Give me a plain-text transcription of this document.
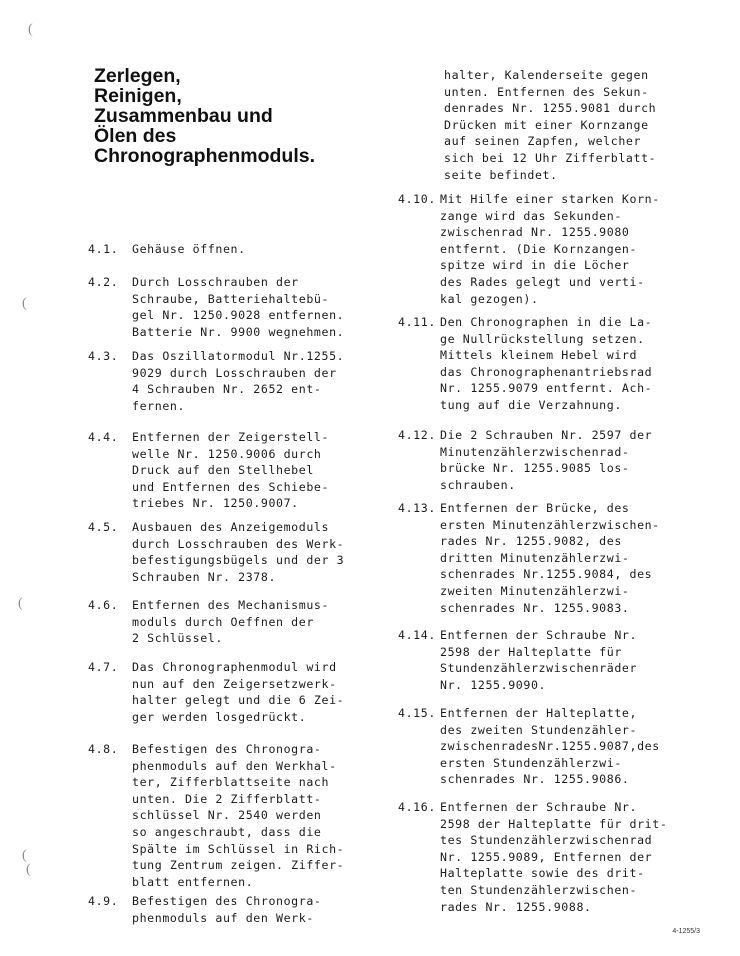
(
(
(
(
(
Zerlegen,
Reinigen,
Zusammenbau und
Ölen des
Chronographenmoduls.
4.1. Gehäuse öffnen.
4.2. Durch Losschrauben der
Schraube, Batteriehaltebü-
gel Nr. 1250.9028 entfernen.
Batterie Nr. 9900 wegnehmen.
4.3. Das Oszillatormodul Nr.1255.
9029 durch Losschrauben der
4 Schrauben Nr. 2652 ent-
fernen.
4.4. Entfernen der Zeigerstell-
welle Nr. 1250.9006 durch
Druck auf den Stellhebel
und Entfernen des Schiebe-
triebes Nr. 1250.9007.
4.5. Ausbauen des Anzeigemoduls
durch Losschrauben des Werk-
befestigungsbügels und der 3
Schrauben Nr. 2378.
4.6. Entfernen des Mechanismus-
moduls durch Oeffnen der
2 Schlüssel.
4.7. Das Chronographenmodul wird
nun auf den Zeigersetzwerk-
halter gelegt und die 6 Zei-
ger werden losgedrückt.
4.8. Befestigen des Chronogra-
phenmoduls auf den Werkhal-
ter, Zifferblattseite nach
unten. Die 2 Zifferblatt-
schlüssel Nr. 2540 werden
so angeschraubt, dass die
Spälte im Schlüssel in Rich-
tung Zentrum zeigen. Ziffer-
blatt entfernen.
4.9. Befestigen des Chronogra-
phenmoduls auf den Werk-
halter, Kalenderseite gegen
unten. Entfernen des Sekun-
denrades Nr. 1255.9081 durch
Drücken mit einer Kornzange
auf seinen Zapfen, welcher
sich bei 12 Uhr Zifferblatt-
seite befindet.
4.10. Mit Hilfe einer starken Korn-
zange wird das Sekunden-
zwischenrad Nr. 1255.9080
entfernt. (Die Kornzangen-
spitze wird in die Löcher
des Rades gelegt und verti-
kal gezogen).
4.11. Den Chronographen in die La-
ge Nullrückstellung setzen.
Mittels kleinem Hebel wird
das Chronographenantriebsrad
Nr. 1255.9079 entfernt. Ach-
tung auf die Verzahnung.
4.12. Die 2 Schrauben Nr. 2597 der
Minutenzählerzwischenrad-
brücke Nr. 1255.9085 los-
schrauben.
4.13. Entfernen der Brücke, des
ersten Minutenzählerzwischen-
rades Nr. 1255.9082, des
dritten Minutenzählerzwi-
schenrades Nr.1255.9084, des
zweiten Minutenzählerzwi-
schenrades Nr. 1255.9083.
4.14. Entfernen der Schraube Nr.
2598 der Halteplatte für
Stundenzählerzwischenräder
Nr. 1255.9090.
4.15. Entfernen der Halteplatte,
des zweiten Stundenzähler-
zwischenradesNr.1255.9087,des
ersten Stundenzählerzwi-
schenrades Nr. 1255.9086.
4.16. Entfernen der Schraube Nr.
2598 der Halteplatte für drit-
tes Stundenzählerzwischenrad
Nr. 1255.9089, Entfernen der
Halteplatte sowie des drit-
ten Stundenzählerzwischen-
rades Nr. 1255.9088.
4-1255/3
